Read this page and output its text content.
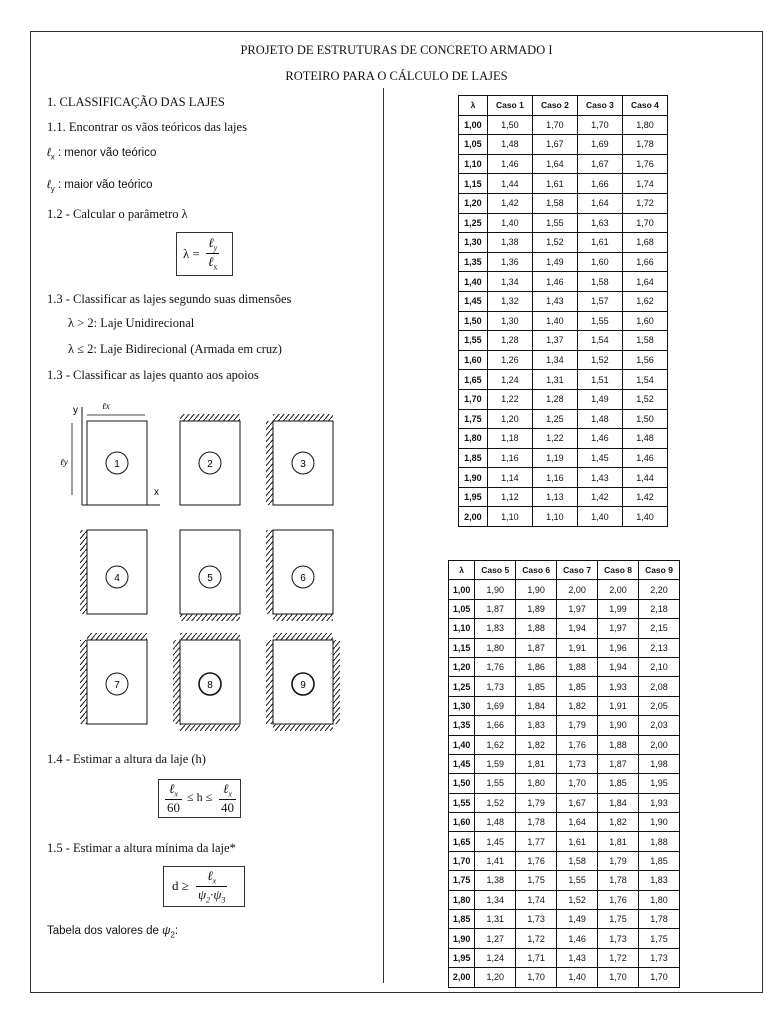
PROJETO DE ESTRUTURAS DE CONCRETO ARMADO I
ROTEIRO PARA O CÁLCULO DE LAJES
1. CLASSIFICAÇÃO DAS LAJES
1.1. Encontrar os vãos teóricos das lajes
ℓ$_x$ : menor vão teórico
ℓ$_y$ : maior vão teórico
1.2 - Calcular o parâmetro λ
λ =
ℓ$_y$
ℓ$_x$
1.3 - Classificar as lajes segundo suas dimensões
λ > 2: Laje Unidirecional
λ ≤ 2: Laje Bidirecional (Armada em cruz)
1.3 - Classificar as lajes quanto aos apoios
y
x
ℓx
ℓy	1	2	3
4	5	6
7	8	9
1.4 - Estimar a altura da laje (h)
ℓ$_x$
60
≤ h ≤
ℓ$_x$
40
1.5 - Estimar a altura mínima da laje*
d ≥
ℓ$_x$
$\psi_2\cdot\psi_3$
Tabela dos valores de $\psi_2$:
λ	Caso 1	Caso 2	Caso 3	Caso 4
1,00	1,50	1,70	1,70	1,80
1,05	1,48	1,67	1,69	1,78
1,10	1,46	1,64	1,67	1,76
1,15	1,44	1,61	1,66	1,74
1,20	1,42	1,58	1,64	1,72
1,25	1,40	1,55	1,63	1,70
1,30	1,38	1,52	1,61	1,68
1,35	1,36	1,49	1,60	1,66
1,40	1,34	1,46	1,58	1,64
1,45	1,32	1,43	1,57	1,62
1,50	1,30	1,40	1,55	1,60
1,55	1,28	1,37	1,54	1,58
1,60	1,26	1,34	1,52	1,56
1,65	1,24	1,31	1,51	1,54
1,70	1,22	1,28	1,49	1,52
1,75	1,20	1,25	1,48	1,50
1,80	1,18	1,22	1,46	1,48
1,85	1,16	1,19	1,45	1,46
1,90	1,14	1,16	1,43	1,44
1,95	1,12	1,13	1,42	1,42
2,00	1,10	1,10	1,40	1,40
λ	Caso 5	Caso 6	Caso 7	Caso 8	Caso 9
1,00	1,90	1,90	2,00	2,00	2,20
1,05	1,87	1,89	1,97	1,99	2,18
1,10	1,83	1,88	1,94	1,97	2,15
1,15	1,80	1,87	1,91	1,96	2,13
1,20	1,76	1,86	1,88	1,94	2,10
1,25	1,73	1,85	1,85	1,93	2,08
1,30	1,69	1,84	1,82	1,91	2,05
1,35	1,66	1,83	1,79	1,90	2,03
1,40	1,62	1,82	1,76	1,88	2,00
1,45	1,59	1,81	1,73	1,87	1,98
1,50	1,55	1,80	1,70	1,85	1,95
1,55	1,52	1,79	1,67	1,84	1,93
1,60	1,48	1,78	1,64	1,82	1,90
1,65	1,45	1,77	1,61	1,81	1,88
1,70	1,41	1,76	1,58	1,79	1,85
1,75	1,38	1,75	1,55	1,78	1,83
1,80	1,34	1,74	1,52	1,76	1,80
1,85	1,31	1,73	1,49	1,75	1,78
1,90	1,27	1,72	1,46	1,73	1,75
1,95	1,24	1,71	1,43	1,72	1,73
2,00	1,20	1,70	1,40	1,70	1,70
